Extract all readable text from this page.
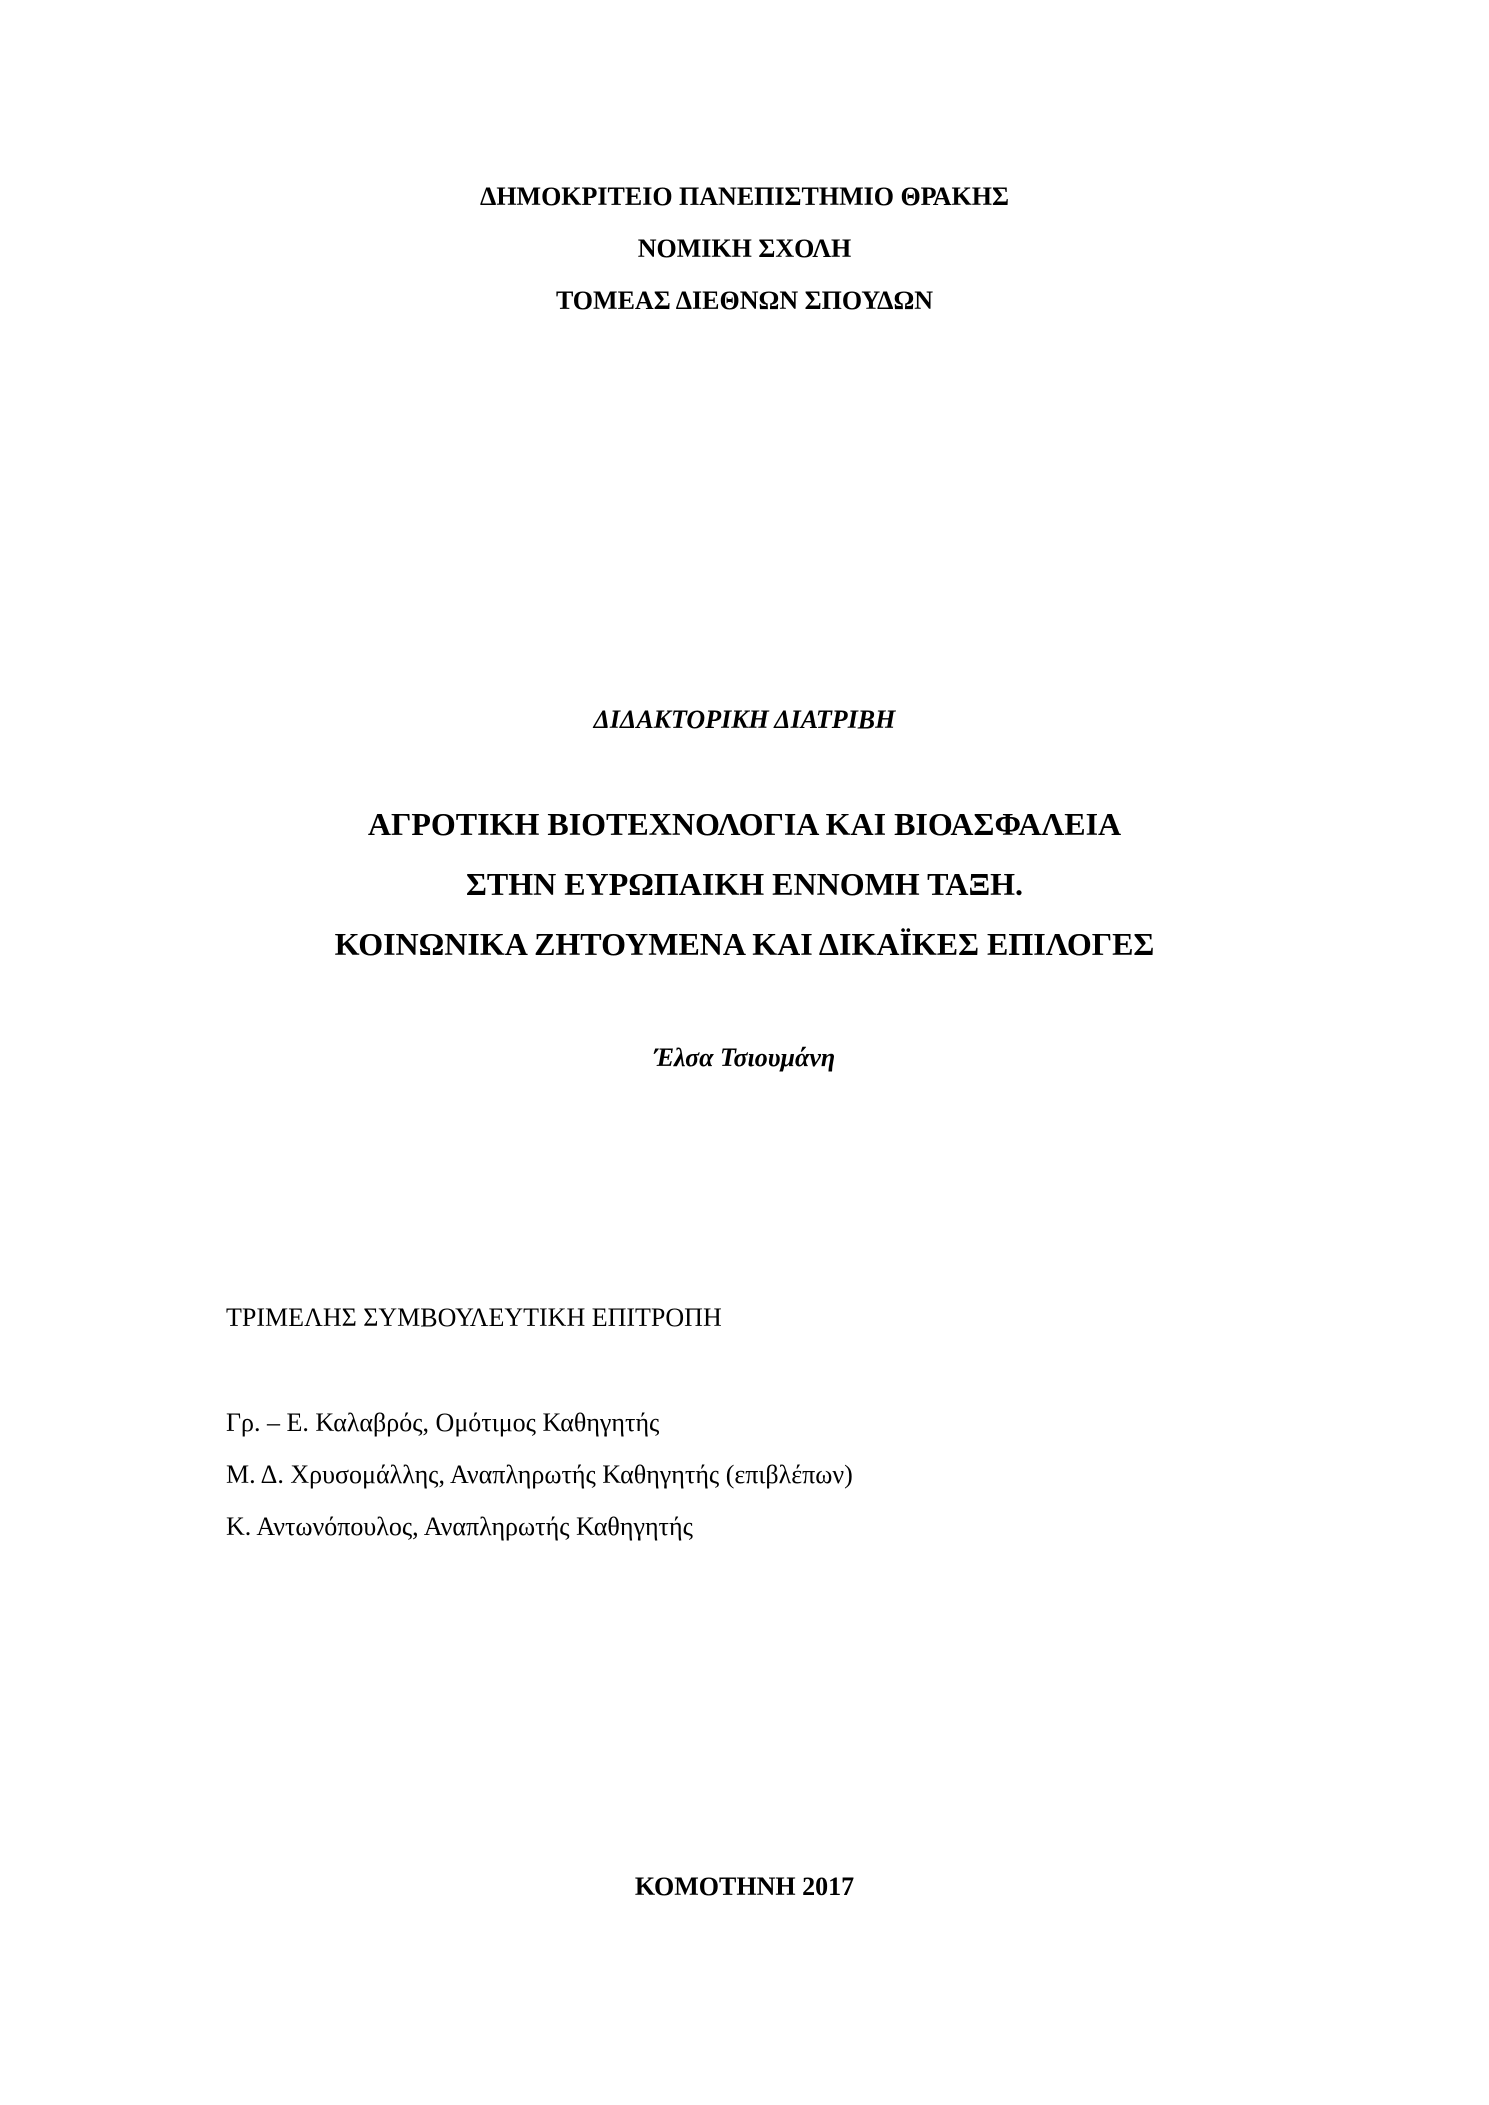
ΔΗΜΟΚΡΙΤΕΙΟ ΠΑΝΕΠΙΣΤΗΜΙΟ ΘΡΑΚΗΣ

ΝΟΜΙΚΗ ΣΧΟΛΗ

ΤΟΜΕΑΣ ΔΙΕΘΝΩΝ ΣΠΟΥΔΩΝ

ΔΙΔΑΚΤΟΡΙΚΗ ΔΙΑΤΡΙΒΗ

ΑΓΡΟΤΙΚΗ ΒΙΟΤΕΧΝΟΛΟΓΙΑ ΚΑΙ ΒΙΟΑΣΦΑΛΕΙΑ

ΣΤΗΝ ΕΥΡΩΠΑΙΚΗ ΕΝΝΟΜΗ ΤΑΞΗ.

ΚΟΙΝΩΝΙΚΑ ΖΗΤΟΥΜΕΝΑ ΚΑΙ ΔΙΚΑΪΚΕΣ ΕΠΙΛΟΓΕΣ

Έλσα Τσιουμάνη

ΤΡΙΜΕΛΗΣ ΣΥΜΒΟΥΛΕΥΤΙΚΗ ΕΠΙΤΡΟΠΗ

Γρ. – Ε. Καλαβρός, Ομότιμος Καθηγητής

Μ. Δ. Χρυσομάλλης, Αναπληρωτής Καθηγητής (επιβλέπων)

Κ. Αντωνόπουλος, Αναπληρωτής Καθηγητής

ΚΟΜΟΤΗΝΗ 2017
